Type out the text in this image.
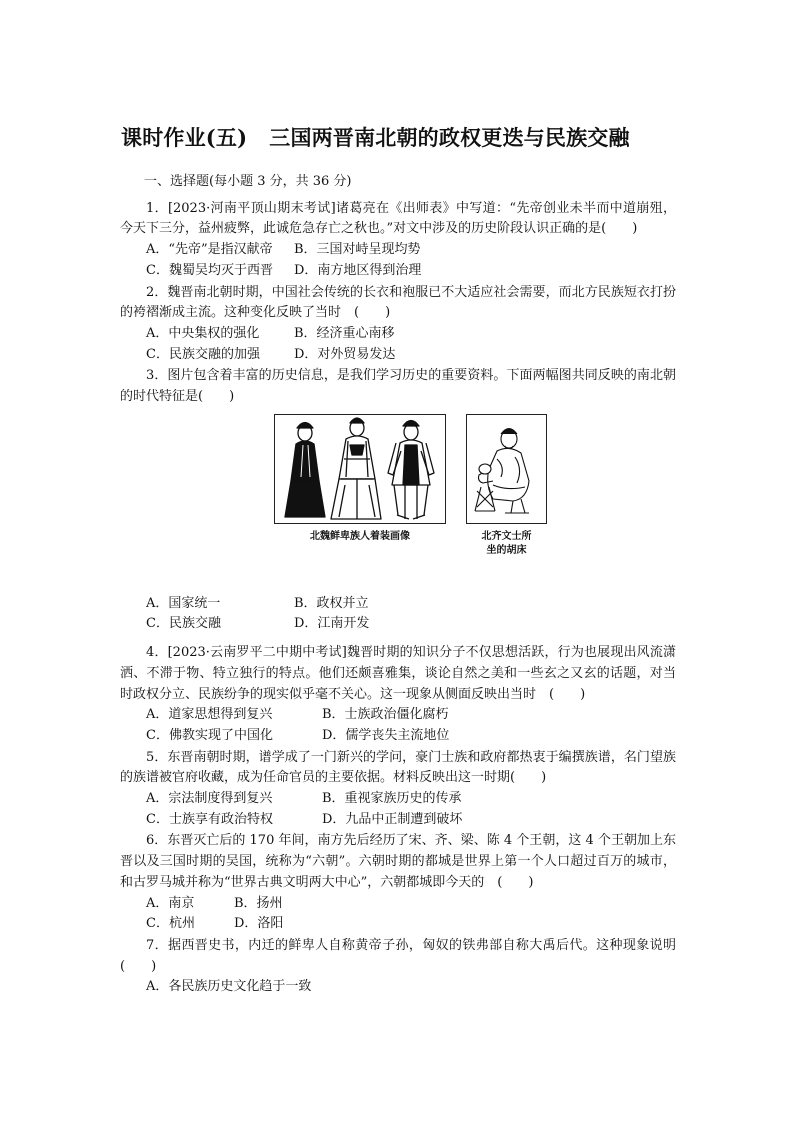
课时作业(五) 三国两晋南北朝的政权更迭与民族交融
一、选择题(每小题 3 分，共 36 分)
1．[2023·河南平顶山期末考试]诸葛亮在《出师表》中写道：“先帝创业未半而中道崩殂，今天下三分，益州疲弊，此诚危急存亡之秋也。”对文中涉及的历史阶段认识正确的是(　　)
A．“先帝”是指汉献帝 B．三国对峙呈现均势
C．魏蜀吴均灭于西晋 D．南方地区得到治理
2．魏晋南北朝时期，中国社会传统的长衣和袍服已不大适应社会需要，而北方民族短衣打扮的袴褶渐成主流。这种变化反映了当时　(　　)
A．中央集权的强化	B．经济重心南移
C．民族交融的加强	D．对外贸易发达
3．图片包含着丰富的历史信息，是我们学习历史的重要资料。下面两幅图共同反映的南北朝的时代特征是(　　)
北魏鲜卑族人着装画像	北齐文士所
坐的胡床
A．国家统一	B．政权并立
C．民族交融	D．江南开发
4．[2023·云南罗平二中期中考试]魏晋时期的知识分子不仅思想活跃，行为也展现出风流潇洒、不滞于物、特立独行的特点。他们还颇喜雅集，谈论自然之美和一些玄之又玄的话题，对当时政权分立、民族纷争的现实似乎毫不关心。这一现象从侧面反映出当时　(　　)
A．道家思想得到复兴	B．士族政治僵化腐朽
C．佛教实现了中国化	D．儒学丧失主流地位
5．东晋南朝时期，谱学成了一门新兴的学问，豪门士族和政府都热衷于编撰族谱，名门望族的族谱被官府收藏，成为任命官员的主要依据。材料反映出这一时期(　　)
A．宗法制度得到复兴	B．重视家族历史的传承
C．士族享有政治特权	D．九品中正制遭到破坏
6．东晋灭亡后的 170 年间，南方先后经历了宋、齐、梁、陈 4 个王朝，这 4 个王朝加上东晋以及三国时期的吴国，统称为“六朝”。六朝时期的都城是世界上第一个人口超过百万的城市，和古罗马城并称为“世界古典文明两大中心”，六朝都城即今天的　(　　)
A．南京	B．扬州
C．杭州	D．洛阳
7．据西晋史书，内迁的鲜卑人自称黄帝子孙，匈奴的铁弗部自称大禹后代。这种现象说明(　　)
A．各民族历史文化趋于一致
